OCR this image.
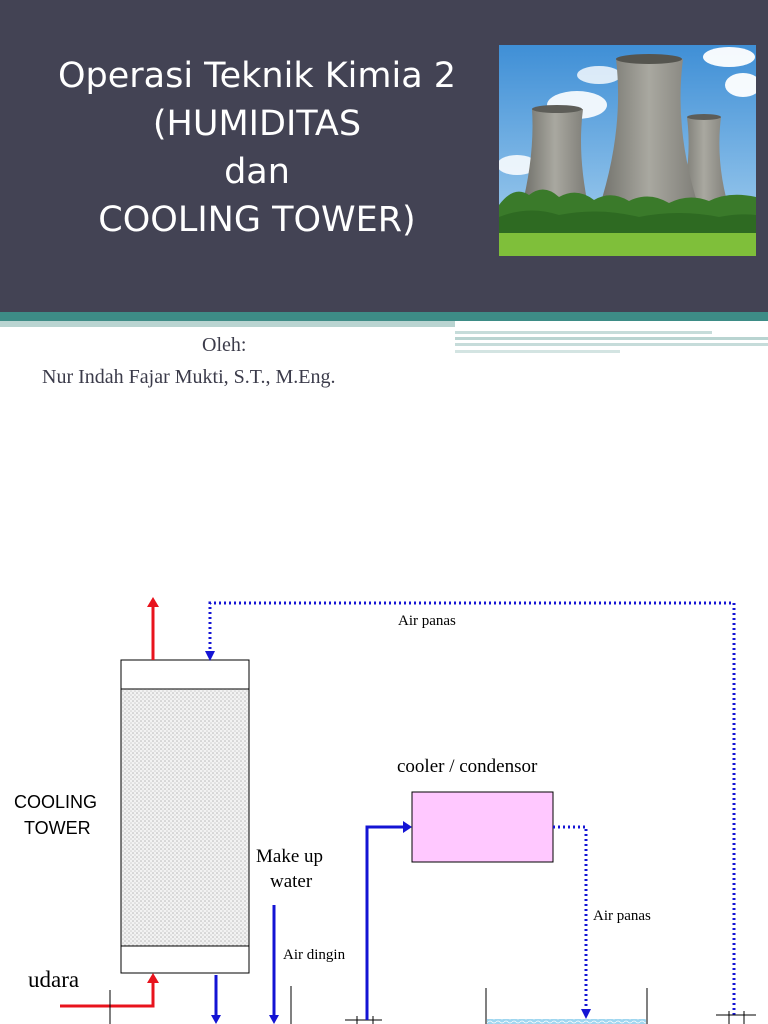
Operasi Teknik Kimia 2
(HUMIDITAS
dan
COOLING TOWER)
Oleh:
Nur Indah Fajar Mukti, S.T., M.Eng.
Air panas
cooler / condensor
COOLING
TOWER
Make up
water
Air panas
Air dingin
udara
